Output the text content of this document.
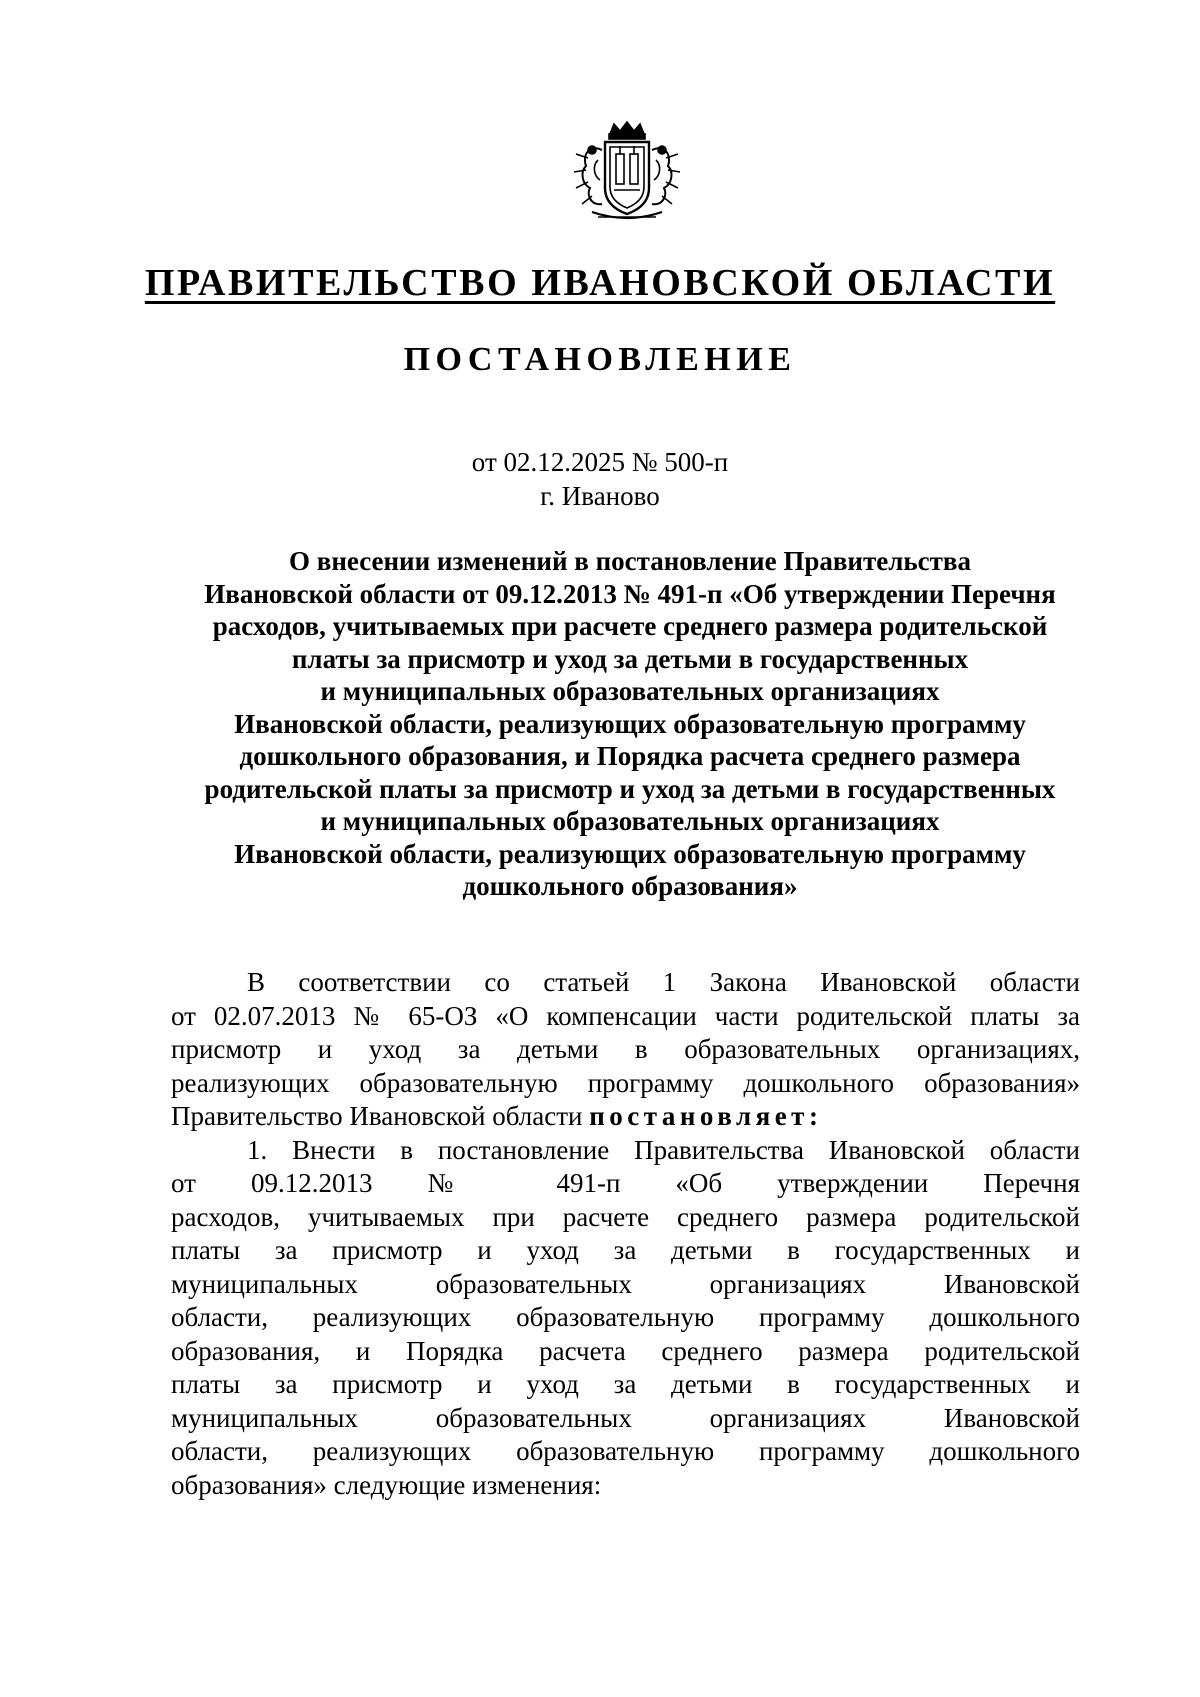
ПРАВИТЕЛЬСТВО ИВАНОВСКОЙ ОБЛАСТИ
ПОСТАНОВЛЕНИЕ
от 02.12.2025 № 500-п
г. Иваново
О внесении изменений в постановление Правительства
Ивановской области от 09.12.2013 № 491-п «Об утверждении Перечня
расходов, учитываемых при расчете среднего размера родительской
платы за присмотр и уход за детьми в государственных
и муниципальных образовательных организациях
Ивановской области, реализующих образовательную программу
дошкольного образования, и Порядка расчета среднего размера
родительской платы за присмотр и уход за детьми в государственных
и муниципальных образовательных организациях
Ивановской области, реализующих образовательную программу
дошкольного образования»
В соответствии со статьей 1 Закона Ивановской области
от 02.07.2013 № 65-ОЗ «О компенсации части родительской платы за
присмотр и уход за детьми в образовательных организациях,
реализующих образовательную программу дошкольного образования»
Правительство Ивановской области постановляет:
1. Внести в постановление Правительства Ивановской области
от 09.12.2013 № 491-п «Об утверждении Перечня
расходов, учитываемых при расчете среднего размера родительской
платы за присмотр и уход за детьми в государственных и
муниципальных образовательных организациях Ивановской
области, реализующих образовательную программу дошкольного
образования, и Порядка расчета среднего размера родительской
платы за присмотр и уход за детьми в государственных и
муниципальных образовательных организациях Ивановской
области, реализующих образовательную программу дошкольного
образования» следующие изменения:
